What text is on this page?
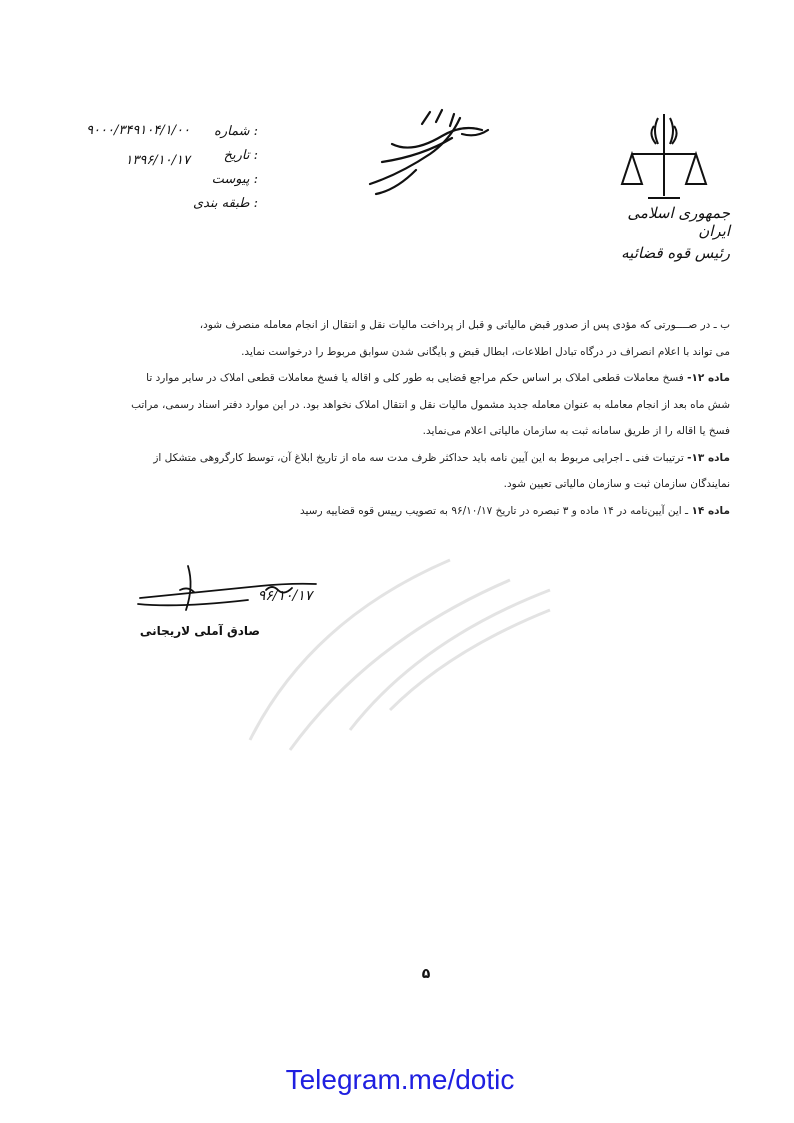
جمهوری اسلامی ایران
رئیس قوه قضائیه
شماره :
تاریخ :
پیوست :
طبقه بندی :
۹۰۰۰/۳۴۹۱۰۴/۱/۰۰
۱۳۹۶/۱۰/۱۷

ب ـ در صــــورتی که مؤدی پس از صدور قبض مالیاتی و قبل از پرداخت مالیات نقل و انتقال از انجام معامله منصرف شود،

می تواند با اعلام انصراف در درگاه تبادل اطلاعات، ابطال قبض و بایگانی شدن سوابق مربوط را درخواست نماید.

ماده ۱۲- فسخ معاملات قطعی املاک بر اساس حکم مراجع قضایی به طور کلی و اقاله یا فسخ معاملات قطعی املاک در سایر موارد تا شش ماه بعد از انجام معامله به عنوان معامله جدید مشمول مالیات نقل و انتقال املاک نخواهد بود. در این موارد دفتر اسناد رسمی، مراتب فسخ یا اقاله را از طریق سامانه ثبت به سازمان مالیاتی اعلام می‌نماید.

ماده ۱۳- ترتیبات فنی ـ اجرایی مربوط به این آیین نامه باید حداکثر ظرف مدت سه ماه از تاریخ ابلاغ آن، توسط کارگروهی متشکل از نمایندگان سازمان ثبت و سازمان مالیاتی تعیین شود.

ماده ۱۴ ـ این آیین‌نامه در ۱۴ ماده و ۳ تبصره در تاریخ ۹۶/۱۰/۱۷ به تصویب رییس قوه قضاییه رسید

۹۶/۱۰/۱۷
صادق آملی لاریجانی
۵
Telegram.me/dotic
